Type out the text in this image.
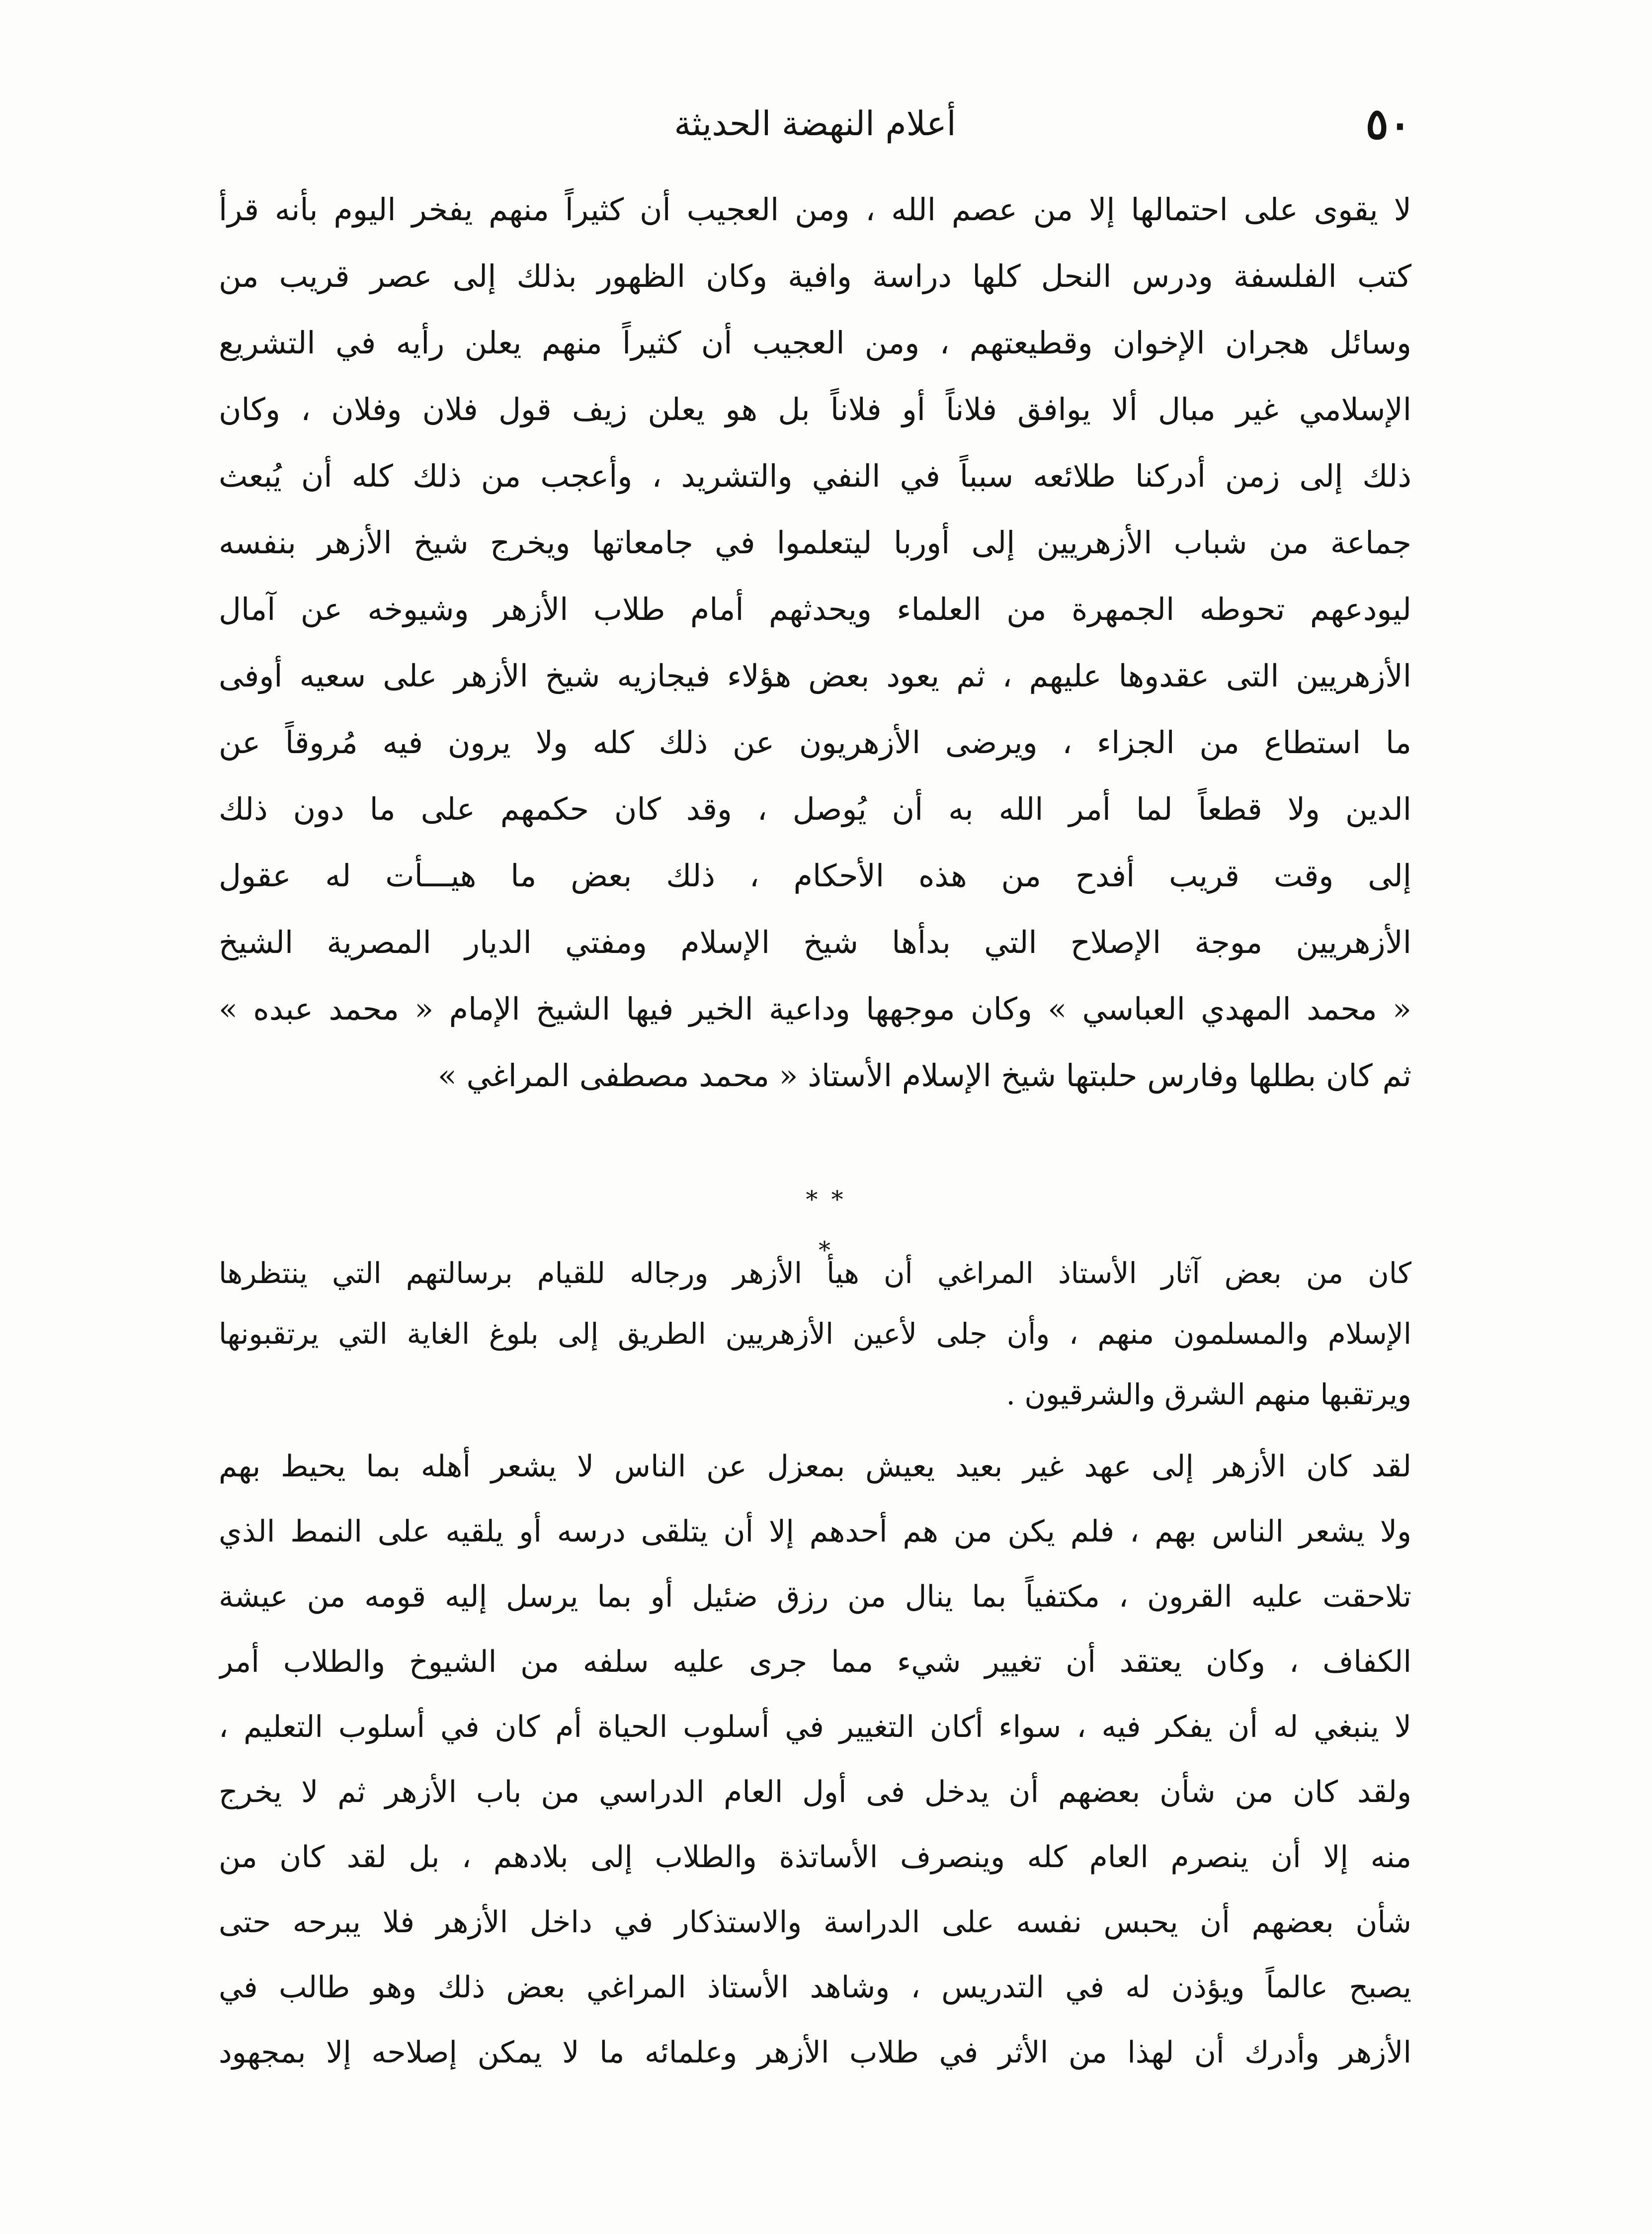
٥٠
أعلام النهضة الحديثة
لا يقوى على احتمالها إلا من عصم الله ، ومن العجيب أن كثيراً منهم يفخر اليوم بأنه قرأ
كتب الفلسفة ودرس النحل كلها دراسة وافية وكان الظهور بذلك إلى عصر قريب من
وسائل هجران الإخوان وقطيعتهم ، ومن العجيب أن كثيراً منهم يعلن رأيه في التشريع
الإسلامي غير مبال ألا يوافق فلاناً أو فلاناً بل هو يعلن زيف قول فلان وفلان ، وكان
ذلك إلى زمن أدركنا طلائعه سبباً في النفي والتشريد ، وأعجب من ذلك كله أن يُبعث
جماعة من شباب الأزهريين إلى أوربا ليتعلموا في جامعاتها ويخرج شيخ الأزهر بنفسه
ليودعهم تحوطه الجمهرة من العلماء ويحدثهم أمام طلاب الأزهر وشيوخه عن آمال
الأزهريين التى عقدوها عليهم ، ثم يعود بعض هؤلاء فيجازيه شيخ الأزهر على سعيه أوفى
ما استطاع من الجزاء ، ويرضى الأزهريون عن ذلك كله ولا يرون فيه مُروقاً عن
الدين ولا قطعاً لما أمر الله به أن يُوصل ، وقد كان حكمهم على ما دون ذلك
إلى وقت قريب أفدح من هذه الأحكام ، ذلك بعض ما هيـــأت له عقول
الأزهريين موجة الإصلاح التي بدأها شيخ الإسلام ومفتي الديار المصرية الشيخ
« محمد المهدي العباسي » وكان موجهها وداعية الخير فيها الشيخ الإمام « محمد عبده »
ثم كان بطلها وفارس حلبتها شيخ الإسلام الأستاذ « محمد مصطفى المراغي »
* *
*
كان من بعض آثار الأستاذ المراغي أن هيأ الأزهر ورجاله للقيام برسالتهم التي ينتظرها
الإسلام والمسلمون منهم ، وأن جلى لأعين الأزهريين الطريق إلى بلوغ الغاية التي يرتقبونها
ويرتقبها منهم الشرق والشرقيون .
لقد كان الأزهر إلى عهد غير بعيد يعيش بمعزل عن الناس لا يشعر أهله بما يحيط بهم
ولا يشعر الناس بهم ، فلم يكن من هم أحدهم إلا أن يتلقى درسه أو يلقيه على النمط الذي
تلاحقت عليه القرون ، مكتفياً بما ينال من رزق ضئيل أو بما يرسل إليه قومه من عيشة
الكفاف ، وكان يعتقد أن تغيير شيء مما جرى عليه سلفه من الشيوخ والطلاب أمر
لا ينبغي له أن يفكر فيه ، سواء أكان التغيير في أسلوب الحياة أم كان في أسلوب التعليم ،
ولقد كان من شأن بعضهم أن يدخل فى أول العام الدراسي من باب الأزهر ثم لا يخرج
منه إلا أن ينصرم العام كله وينصرف الأساتذة والطلاب إلى بلادهم ، بل لقد كان من
شأن بعضهم أن يحبس نفسه على الدراسة والاستذكار في داخل الأزهر فلا يبرحه حتى
يصبح عالماً ويؤذن له في التدريس ، وشاهد الأستاذ المراغي بعض ذلك وهو طالب في
الأزهر وأدرك أن لهذا من الأثر في طلاب الأزهر وعلمائه ما لا يمكن إصلاحه إلا بمجهود
